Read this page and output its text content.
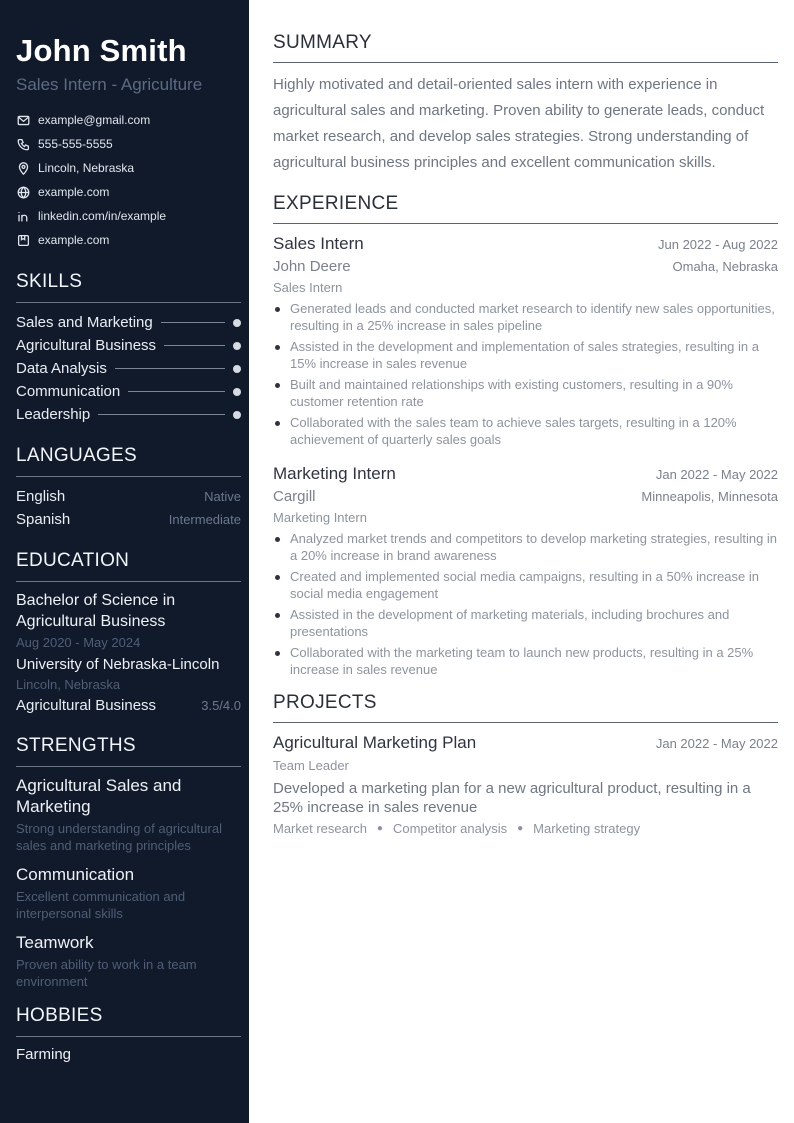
John Smith
Sales Intern - Agriculture
example@gmail.com
555-555-5555
Lincoln, Nebraska
example.com
linkedin.com/in/example
example.com
SKILLS
Sales and Marketing
Agricultural Business
Data Analysis
Communication
Leadership
LANGUAGES
English	Native
Spanish	Intermediate
EDUCATION
Bachelor of Science in Agricultural Business
Aug 2020 - May 2024
University of Nebraska-Lincoln
Lincoln, Nebraska
Agricultural Business	3.5/4.0
STRENGTHS
Agricultural Sales and Marketing
Strong understanding of agricultural sales and marketing principles
Communication
Excellent communication and interpersonal skills
Teamwork
Proven ability to work in a team environment
HOBBIES
Farming
SUMMARY

Highly motivated and detail-oriented sales intern with experience in agricultural sales and marketing. Proven ability to generate leads, conduct market research, and develop sales strategies. Strong understanding of agricultural business principles and excellent communication skills.

EXPERIENCE
Sales Intern	Jun 2022 - Aug 2022
John Deere	Omaha, Nebraska
Sales Intern
Generated leads and conducted market research to identify new sales opportunities, resulting in a 25% increase in sales pipeline
Assisted in the development and implementation of sales strategies, resulting in a 15% increase in sales revenue
Built and maintained relationships with existing customers, resulting in a 90% customer retention rate
Collaborated with the sales team to achieve sales targets, resulting in a 120% achievement of quarterly sales goals
Marketing Intern	Jan 2022 - May 2022
Cargill	Minneapolis, Minnesota
Marketing Intern
Analyzed market trends and competitors to develop marketing strategies, resulting in a 20% increase in brand awareness
Created and implemented social media campaigns, resulting in a 50% increase in social media engagement
Assisted in the development of marketing materials, including brochures and presentations
Collaborated with the marketing team to launch new products, resulting in a 25% increase in sales revenue
PROJECTS
Agricultural Marketing Plan	Jan 2022 - May 2022
Team Leader
Developed a marketing plan for a new agricultural product, resulting in a 25% increase in sales revenue
Market research ● Competitor analysis ● Marketing strategy
